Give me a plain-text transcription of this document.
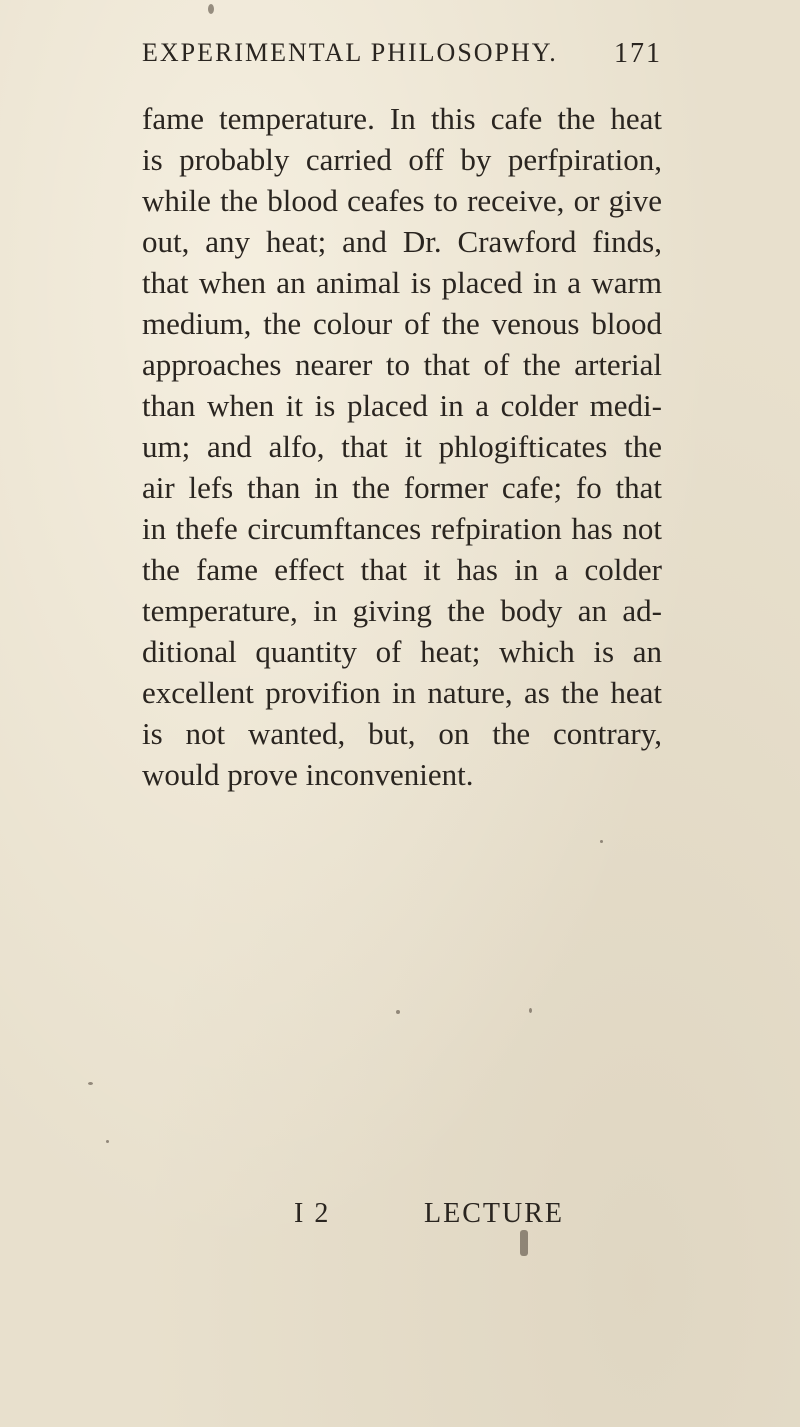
EXPERIMENTAL PHILOSOPHY. 171
fame temperature. In this cafe the heat
is probably carried off by perfpiration,
while the blood ceafes to receive, or give
out, any heat; and Dr. Crawford finds,
that when an animal is placed in a warm
medium, the colour of the venous blood
approaches nearer to that of the arterial
than when it is placed in a colder medi-
um; and alfo, that it phlogifticates the
air lefs than in the former cafe; fo that
in thefe circumftances refpiration has not
the fame effect that it has in a colder
temperature, in giving the body an ad-
ditional quantity of heat; which is an
excellent provifion in nature, as the heat
is not wanted, but, on the contrary,
would prove inconvenient.
I 2	LECTURE
